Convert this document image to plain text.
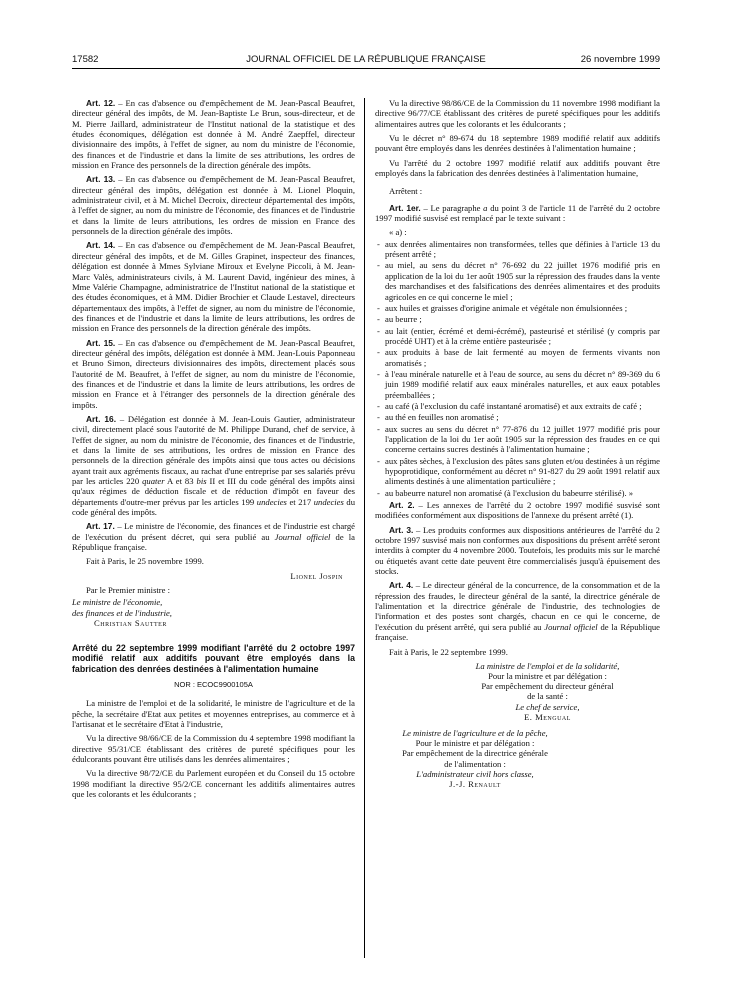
17582	JOURNAL OFFICIEL DE LA RÉPUBLIQUE FRANÇAISE	26 novembre 1999

Art. 12. – En cas d'absence ou d'empêchement de M. Jean-Pascal Beaufret, directeur général des impôts, de M. Jean-Baptiste Le Brun, sous-directeur, et de M. Pierre Jaillard, administrateur de l'Institut national de la statistique et des études économiques, délégation est donnée à M. André Zaepffel, directeur divisionnaire des impôts, à l'effet de signer, au nom du ministre de l'économie, des finances et de l'industrie et dans la limite de ses attributions, les ordres de mission en France des personnels de la direction générale des impôts.

Art. 13. – En cas d'absence ou d'empêchement de M. Jean-Pascal Beaufret, directeur général des impôts, délégation est donnée à M. Lionel Ploquin, administrateur civil, et à M. Michel Decroix, directeur départemental des impôts, à l'effet de signer, au nom du ministre de l'économie, des finances et de l'industrie et dans la limite de leurs attributions, les ordres de mission en France des personnels de la direction générale des impôts.

Art. 14. – En cas d'absence ou d'empêchement de M. Jean-Pascal Beaufret, directeur général des impôts, et de M. Gilles Grapinet, inspecteur des finances, délégation est donnée à Mmes Sylviane Miroux et Evelyne Piccoli, à M. Jean-Marc Valès, administrateurs civils, à M. Laurent David, ingénieur des mines, à Mme Valérie Champagne, administratrice de l'Institut national de la statistique et des études économiques, et à MM. Didier Brochier et Claude Lestavel, directeurs départementaux des impôts, à l'effet de signer, au nom du ministre de l'économie, des finances et de l'industrie et dans la limite de leurs attributions, les ordres de mission en France des personnels de la direction générale des impôts.

Art. 15. – En cas d'absence ou d'empêchement de M. Jean-Pascal Beaufret, directeur général des impôts, délégation est donnée à MM. Jean-Louis Paponneau et Bruno Simon, directeurs divisionnaires des impôts, directement placés sous l'autorité de M. Beaufret, à l'effet de signer, au nom du ministre de l'économie, des finances et de l'industrie et dans la limite de leurs attributions, les ordres de mission en France et à l'étranger des personnels de la direction générale des impôts.

Art. 16. – Délégation est donnée à M. Jean-Louis Gautier, administrateur civil, directement placé sous l'autorité de M. Philippe Durand, chef de service, à l'effet de signer, au nom du ministre de l'économie, des finances et de l'industrie, et dans la limite de ses attributions, les ordres de mission en France des personnels de la direction générale des impôts ainsi que tous actes ou décisions ayant trait aux agréments fiscaux, au rachat d'une entreprise par ses salariés prévu par les articles 220 quater A et 83 bis II et III du code général des impôts ainsi qu'aux régimes de déduction fiscale et de réduction d'impôt en faveur des départements d'outre-mer prévus par les articles 199 undecies et 217 undecies du code général des impôts.

Art. 17. – Le ministre de l'économie, des finances et de l'industrie est chargé de l'exécution du présent décret, qui sera publié au Journal officiel de la République française.

Fait à Paris, le 25 novembre 1999.

Lionel Jospin

Par le Premier ministre :

Le ministre de l'économie,

des finances et de l'industrie,

Christian Sautter

Arrêté du 22 septembre 1999 modifiant l'arrêté du 2 octobre 1997 modifié relatif aux additifs pouvant être employés dans la fabrication des denrées destinées à l'alimentation humaine

NOR : ECOC9900105A

La ministre de l'emploi et de la solidarité, le ministre de l'agriculture et de la pêche, la secrétaire d'Etat aux petites et moyennes entreprises, au commerce et à l'artisanat et le secrétaire d'Etat à l'industrie,

Vu la directive 98/66/CE de la Commission du 4 septembre 1998 modifiant la directive 95/31/CE établissant des critères de pureté spécifiques pour les édulcorants pouvant être utilisés dans les denrées alimentaires ;

Vu la directive 98/72/CE du Parlement européen et du Conseil du 15 octobre 1998 modifiant la directive 95/2/CE concernant les additifs alimentaires autres que les colorants et les édulcorants ;

Vu la directive 98/86/CE de la Commission du 11 novembre 1998 modifiant la directive 96/77/CE établissant des critères de pureté spécifiques pour les additifs alimentaires autres que les colorants et les édulcorants ;

Vu le décret n° 89-674 du 18 septembre 1989 modifié relatif aux additifs pouvant être employés dans les denrées destinées à l'alimentation humaine ;

Vu l'arrêté du 2 octobre 1997 modifié relatif aux additifs pouvant être employés dans la fabrication des denrées destinées à l'alimentation humaine,

Arrêtent :

Art. 1er. – Le paragraphe a du point 3 de l'article 11 de l'arrêté du 2 octobre 1997 modifié susvisé est remplacé par le texte suivant :

« a) :

- aux denrées alimentaires non transformées, telles que définies à l'article 13 du présent arrêté ;
- au miel, au sens du décret n° 76-692 du 22 juillet 1976 modifié pris en application de la loi du 1er août 1905 sur la répression des fraudes dans la vente des marchandises et des falsifications des denrées alimentaires et des produits agricoles en ce qui concerne le miel ;
- aux huiles et graisses d'origine animale et végétale non émulsionnées ;
- au beurre ;
- au lait (entier, écrémé et demi-écrémé), pasteurisé et stérilisé (y compris par procédé UHT) et à la crème entière pasteurisée ;
- aux produits à base de lait fermenté au moyen de ferments vivants non aromatisés ;
- à l'eau minérale naturelle et à l'eau de source, au sens du décret n° 89-369 du 6 juin 1989 modifié relatif aux eaux minérales naturelles, et aux eaux potables préemballées ;
- au café (à l'exclusion du café instantané aromatisé) et aux extraits de café ;
- au thé en feuilles non aromatisé ;
- aux sucres au sens du décret n° 77-876 du 12 juillet 1977 modifié pris pour l'application de la loi du 1er août 1905 sur la répression des fraudes en ce qui concerne certains sucres destinés à l'alimentation humaine ;
- aux pâtes sèches, à l'exclusion des pâtes sans gluten et/ou destinées à un régime hypoprotidique, conformément au décret n° 91-827 du 29 août 1991 relatif aux aliments destinés à une alimentation particulière ;
- au babeurre naturel non aromatisé (à l'exclusion du babeurre stérilisé). »

Art. 2. – Les annexes de l'arrêté du 2 octobre 1997 modifié susvisé sont modifiées conformément aux dispositions de l'annexe du présent arrêté (1).

Art. 3. – Les produits conformes aux dispositions antérieures de l'arrêté du 2 octobre 1997 susvisé mais non conformes aux dispositions du présent arrêté seront interdits à compter du 4 novembre 2000. Toutefois, les produits mis sur le marché ou étiquetés avant cette date peuvent être commercialisés jusqu'à épuisement des stocks.

Art. 4. – Le directeur général de la concurrence, de la consommation et de la répression des fraudes, le directeur général de la santé, la directrice générale de l'alimentation et la directrice générale de l'industrie, des technologies de l'information et des postes sont chargés, chacun en ce qui le concerne, de l'exécution du présent arrêté, qui sera publié au Journal officiel de la République française.

Fait à Paris, le 22 septembre 1999.

La ministre de l'emploi et de la solidarité,
Pour la ministre et par délégation :
Par empêchement du directeur général
de la santé :
Le chef de service,
E. Mengual
Le ministre de l'agriculture et de la pêche,
Pour le ministre et par délégation :
Par empêchement de la directrice générale
de l'alimentation :
L'administrateur civil hors classe,
J.-J. Renault
